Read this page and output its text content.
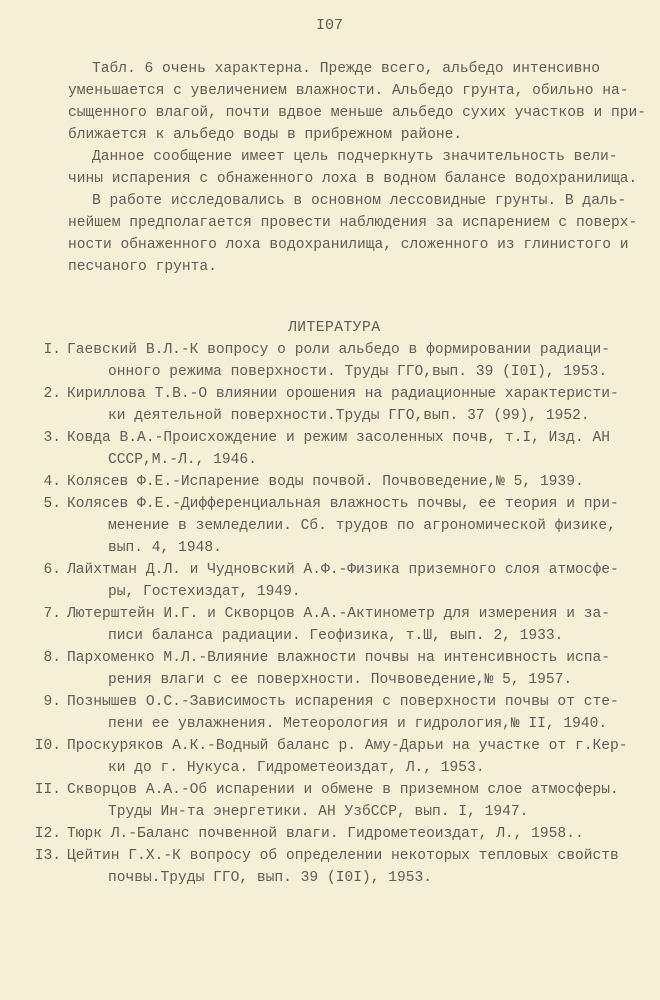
I07
Табл. 6 очень характерна. Прежде всего, альбедо интенсивно
уменьшается с увеличением влажности. Альбедо грунта, обильно на-
сыщенного влагой, почти вдвое меньше альбедо сухих участков и при-
ближается к альбедо воды в прибрежном районе.
Данное сообщение имеет цель подчеркнуть значительность вели-
чины испарения с обнаженного лоха в водном балансе водохранилища.
В работе исследовались в основном лессовидные грунты. В даль-
нейшем предполагается провести наблюдения за испарением с поверх-
ности обнаженного лоха водохранилища, сложенного из глинистого и
песчаного грунта.
ЛИТЕРАТУРА
I. Гаевский В.Л.-К вопросу о роли альбедо в формировании радиаци-
онного режима поверхности. Труды ГГО,вып. 39 (I0I), 1953.
2. Кириллова Т.В.-О влиянии орошения на радиационные характеристи-
ки деятельной поверхности.Труды ГГО,вып. 37 (99), 1952.
3. Ковда В.А.-Происхождение и режим засоленных почв, т.I, Изд. АН
СССР,М.-Л., 1946.
4. Колясев Ф.Е.-Испарение воды почвой. Почвоведение,№ 5, 1939.
5. Колясев Ф.Е.-Дифференциальная влажность почвы, ее теория и при-
менение в земледелии. Сб. трудов по агрономической физике,
вып. 4, 1948.
6. Лайхтман Д.Л. и Чудновский А.Ф.-Физика приземного слоя атмосфе-
ры, Гостехиздат, 1949.
7. Лютерштейн И.Г. и Скворцов А.А.-Актинометр для измерения и за-
писи баланса радиации. Геофизика, т.Ш, вып. 2, 1933.
8. Пархоменко М.Л.-Влияние влажности почвы на интенсивность испа-
рения влаги с ее поверхности. Почвоведение,№ 5, 1957.
9. Познышев О.С.-Зависимость испарения с поверхности почвы от сте-
пени ее увлажнения. Метеорология и гидрология,№ II, 1940.
I0. Проскуряков А.К.-Водный баланс р. Аму-Дарьи на участке от г.Кер-
ки до г. Нукуса. Гидрометеоиздат, Л., 1953.
II. Скворцов А.А.-Об испарении и обмене в приземном слое атмосферы.
Труды Ин-та энергетики. АН УзбССР, вып. I, 1947.
I2. Тюрк Л.-Баланс почвенной влаги. Гидрометеоиздат, Л., 1958..
I3. Цейтин Г.Х.-К вопросу об определении некоторых тепловых свойств
почвы.Труды ГГО, вып. 39 (I0I), 1953.
